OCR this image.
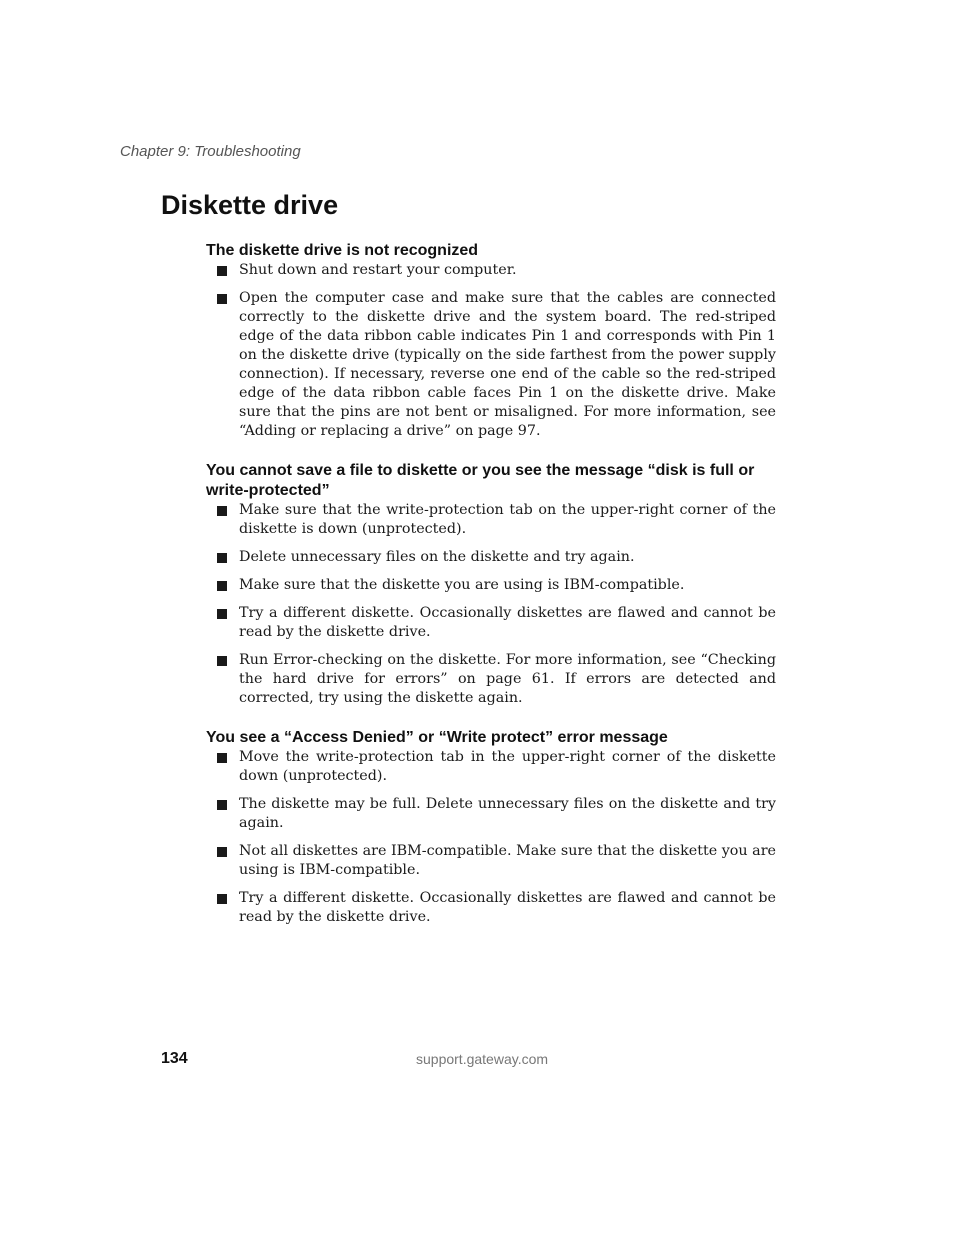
Chapter 9: Troubleshooting
Diskette drive
The diskette drive is not recognized
Shut down and restart your computer.
Open the computer case and make sure that the cables are connected correctly to the diskette drive and the system board. The red-striped edge of the data ribbon cable indicates Pin 1 and corresponds with Pin 1 on the diskette drive (typically on the side farthest from the power supply connection). If necessary, reverse one end of the cable so the red-striped edge of the data ribbon cable faces Pin 1 on the diskette drive. Make sure that the pins are not bent or misaligned. For more information, see “Adding or replacing a drive” on page 97.
You cannot save a file to diskette or you see the message “disk is full or write-protected”
Make sure that the write-protection tab on the upper-right corner of the diskette is down (unprotected).
Delete unnecessary files on the diskette and try again.
Make sure that the diskette you are using is IBM-compatible.
Try a different diskette. Occasionally diskettes are flawed and cannot be read by the diskette drive.
Run Error-checking on the diskette. For more information, see “Checking the hard drive for errors” on page 61. If errors are detected and corrected, try using the diskette again.
You see a “Access Denied” or “Write protect” error message
Move the write-protection tab in the upper-right corner of the diskette down (unprotected).
The diskette may be full. Delete unnecessary files on the diskette and try again.
Not all diskettes are IBM-compatible. Make sure that the diskette you are using is IBM-compatible.
Try a different diskette. Occasionally diskettes are flawed and cannot be read by the diskette drive.
134	support.gateway.com
